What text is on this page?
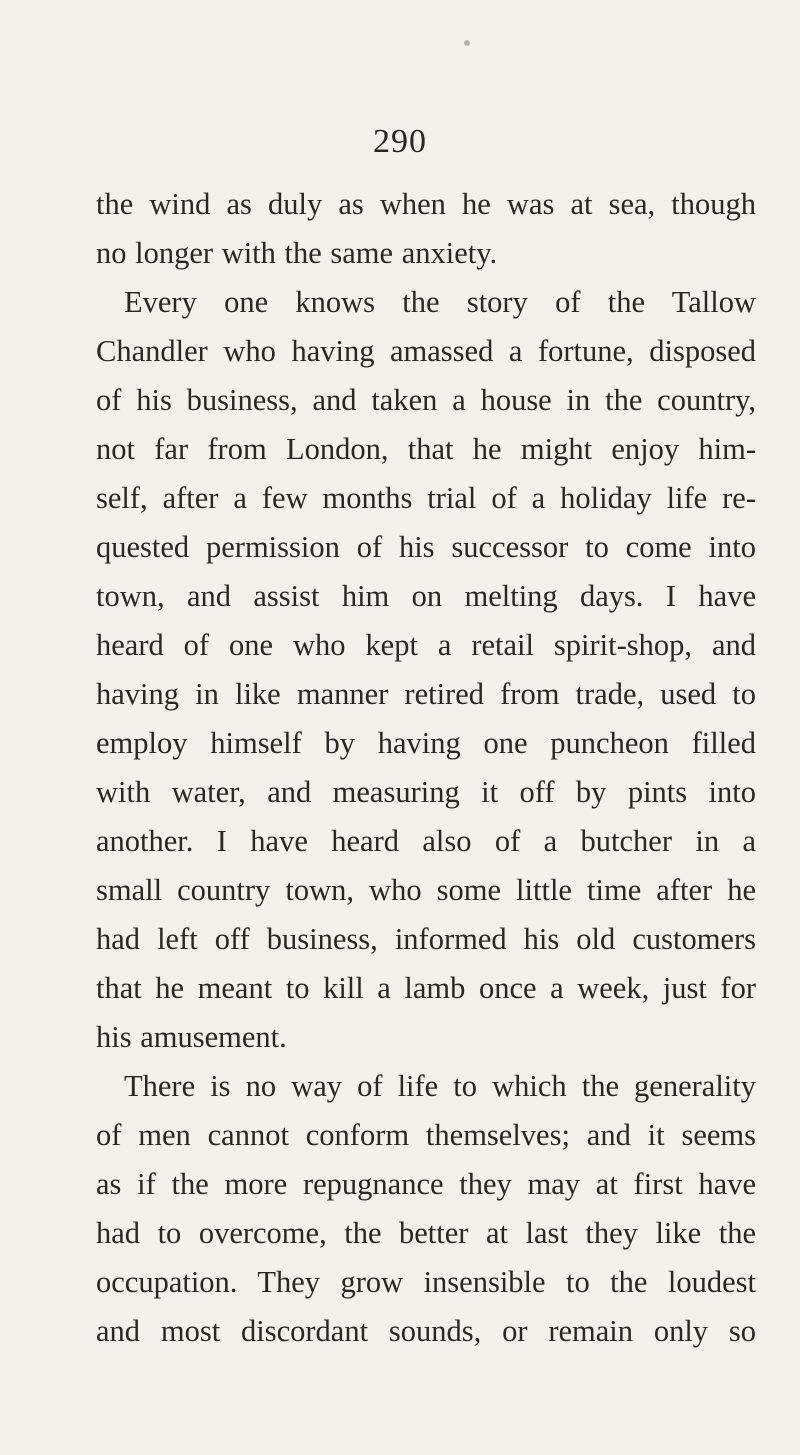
290
the wind as duly as when he was at sea, though
no longer with the same anxiety.
Every one knows the story of the Tallow
Chandler who having amassed a fortune, disposed
of his business, and taken a house in the country,
not far from London, that he might enjoy him-
self, after a few months trial of a holiday life re-
quested permission of his successor to come into
town, and assist him on melting days. I have
heard of one who kept a retail spirit-shop, and
having in like manner retired from trade, used to
employ himself by having one puncheon filled
with water, and measuring it off by pints into
another. I have heard also of a butcher in a
small country town, who some little time after he
had left off business, informed his old customers
that he meant to kill a lamb once a week, just for
his amusement.
There is no way of life to which the generality
of men cannot conform themselves; and it seems
as if the more repugnance they may at first have
had to overcome, the better at last they like the
occupation. They grow insensible to the loudest
and most discordant sounds, or remain only so
